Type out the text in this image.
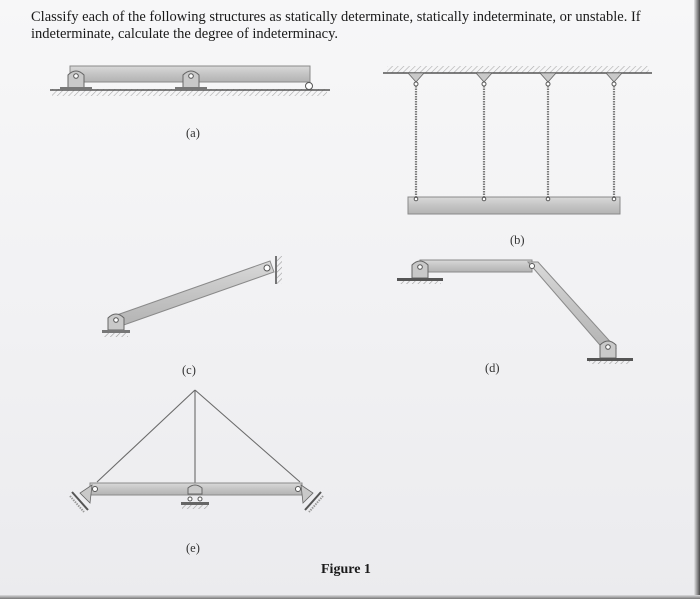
Classify each of the following structures as statically determinate, statically indeterminate, or unstable. If indeterminate, calculate the degree of indeterminacy.

(a)
(b)
(c)	(d)
(e)
Figure 1
